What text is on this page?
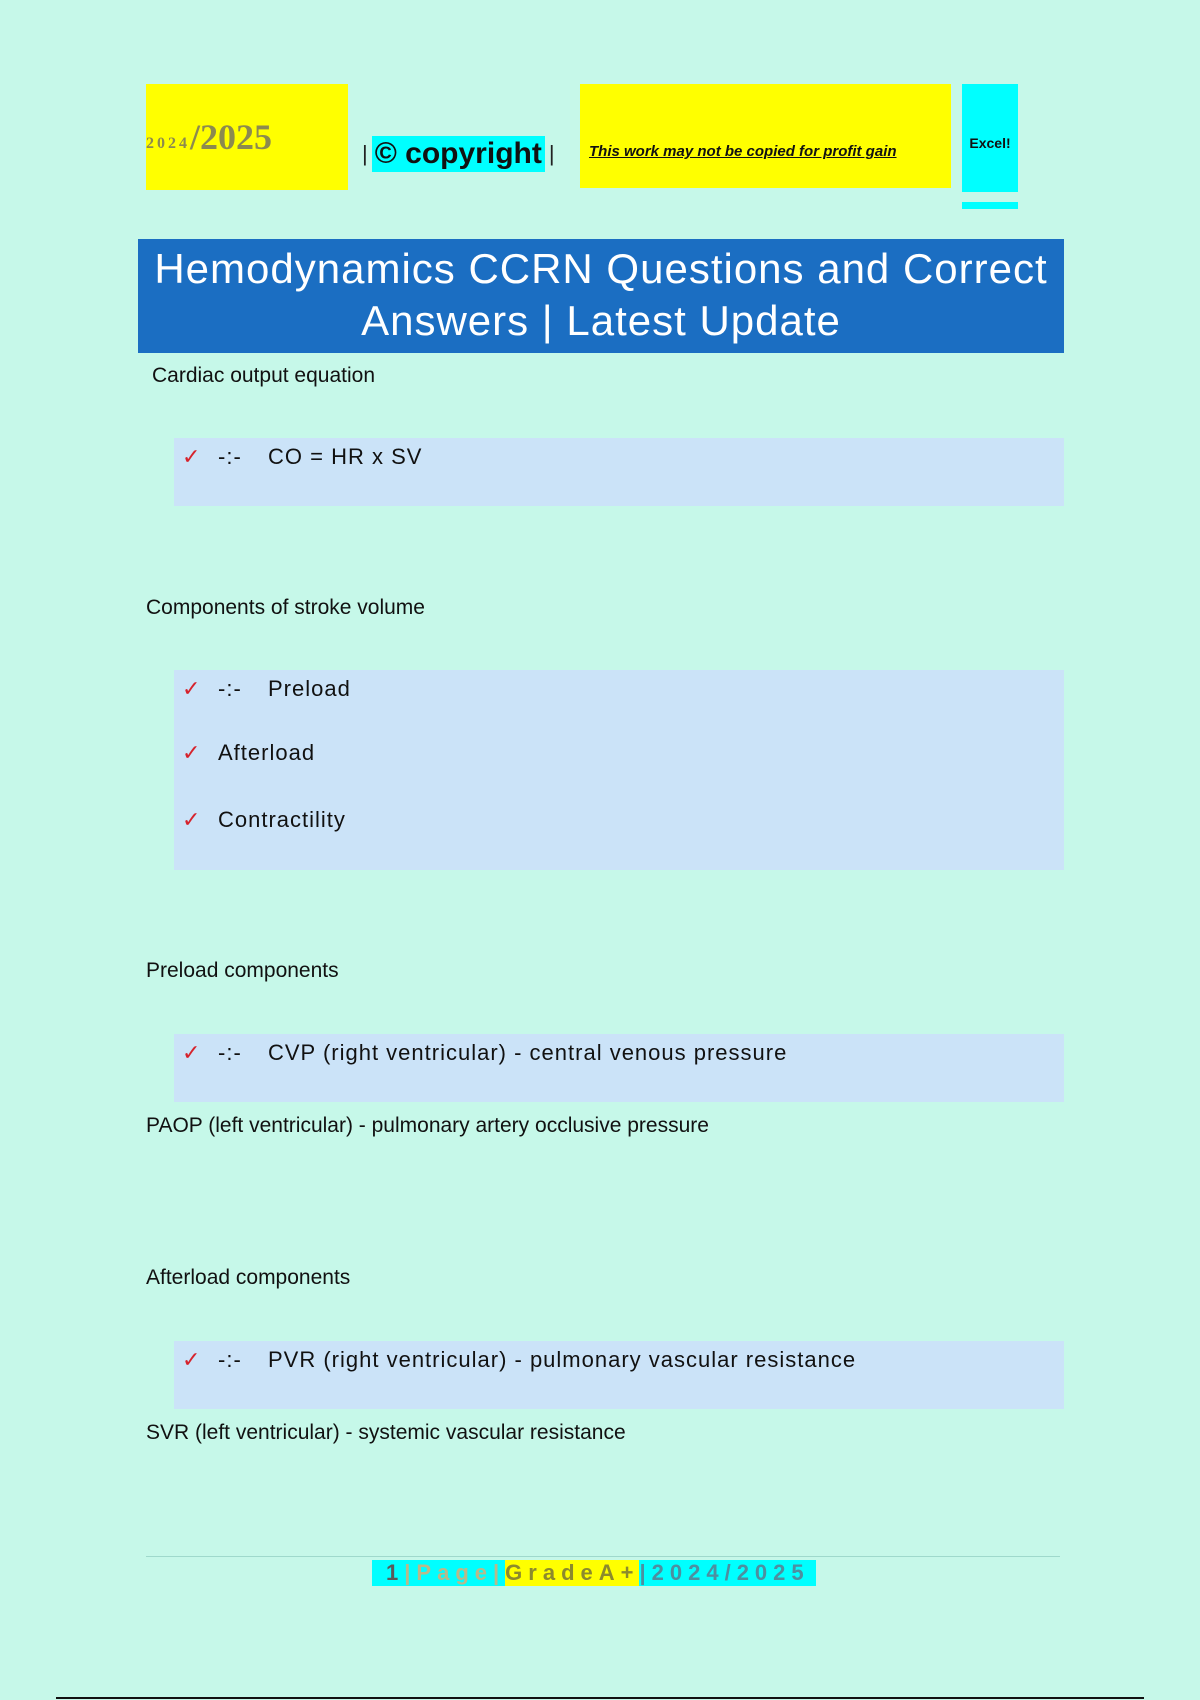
2024 /2025	| © copyright | This work may not be copied for profit gain	Excel!
Hemodynamics CCRN Questions and Correct
Answers | Latest Update
Cardiac output equation
✓ -:-	CO = HR x SV
Components of stroke volume
✓ -:-	Preload
✓ Afterload
✓ Contractility
Preload components
✓ -:-	CVP (right ventricular) - central venous pressure
PAOP (left ventricular) - pulmonary artery occlusive pressure
Afterload components
✓ -:-	PVR (right ventricular) - pulmonary vascular resistance
SVR (left ventricular) - systemic vascular resistance
1 |Page| GradeA+ |2024/2025
